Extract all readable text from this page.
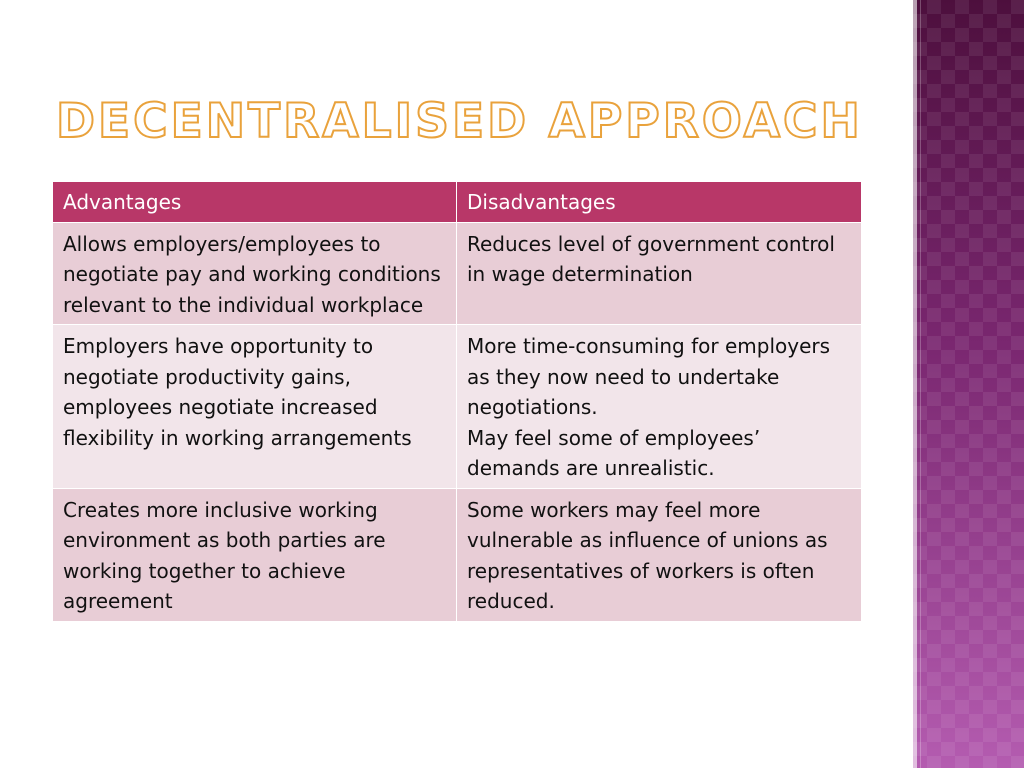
DECENTRALISED APPROACH
Advantages	Disadvantages

Allows employers/employees to negotiate pay and working conditions relevant to the individual workplace	Reduces level of government control in wage determination

Employers have opportunity to negotiate productivity gains, employees negotiate increased flexibility in working arrangements	More time-consuming for employers as they now need to undertake negotiations.
May feel some of employees’ demands are unrealistic.

Creates more inclusive working environment as both parties are working together to achieve agreement	Some workers may feel more vulnerable as influence of unions as representatives of workers is often reduced.
